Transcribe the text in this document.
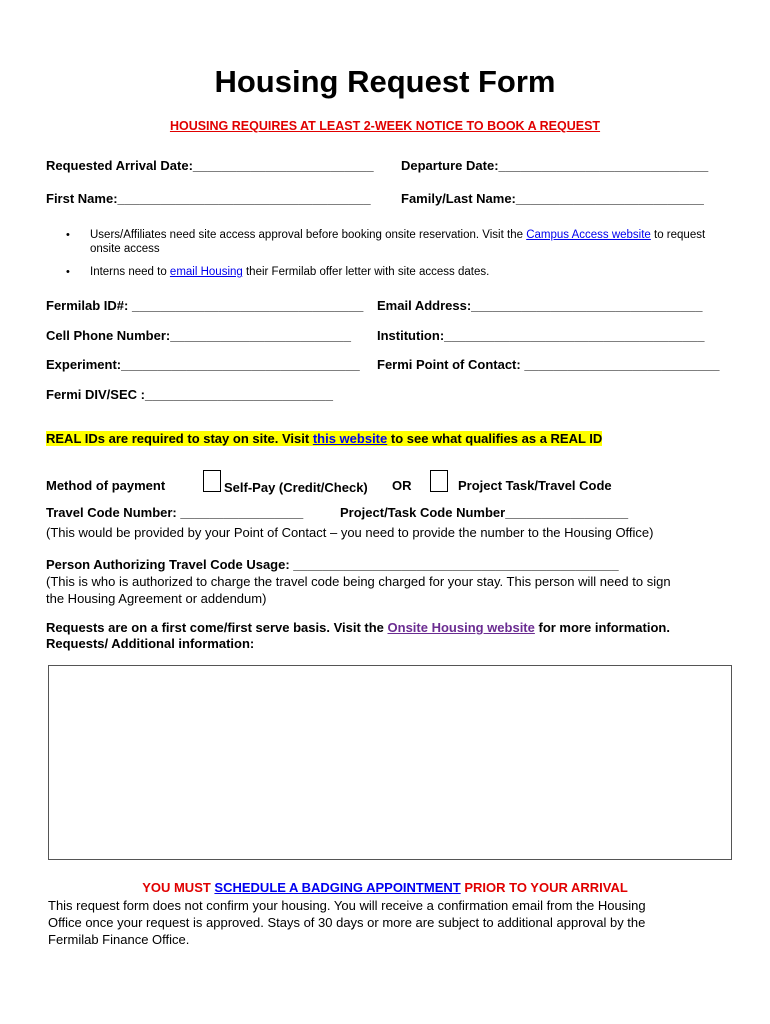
Housing Request Form
HOUSING REQUIRES AT LEAST 2-WEEK NOTICE TO BOOK A REQUEST
Requested Arrival Date:_________________________ Departure Date:_____________________________
First Name:___________________________________ Family/Last Name:__________________________
• Users/Affiliates need site access approval before booking onsite reservation. Visit the Campus Access website to request
onsite access
• Interns need to email Housing their Fermilab offer letter with site access dates.
Fermilab ID#: ________________________________ Email Address:________________________________
Cell Phone Number:_________________________ Institution:____________________________________
Experiment:_________________________________ Fermi Point of Contact: ___________________________
Fermi DIV/SEC :__________________________
REAL IDs are required to stay on site. Visit this website to see what qualifies as a REAL ID
Method of payment	Self-Pay (Credit/Check) OR	Project Task/Travel Code
Travel Code Number: _________________	Project/Task Code Number_________________
(This would be provided by your Point of Contact – you need to provide the number to the Housing Office)
Person Authorizing Travel Code Usage: _____________________________________________
(This is who is authorized to charge the travel code being charged for your stay. This person will need to sign
the Housing Agreement or addendum)
Requests are on a first come/first serve basis. Visit the Onsite Housing website for more information.
Requests/ Additional information:
YOU MUST SCHEDULE A BADGING APPOINTMENT PRIOR TO YOUR ARRIVAL
This request form does not confirm your housing. You will receive a confirmation email from the Housing
Office once your request is approved. Stays of 30 days or more are subject to additional approval by the
Fermilab Finance Office.
